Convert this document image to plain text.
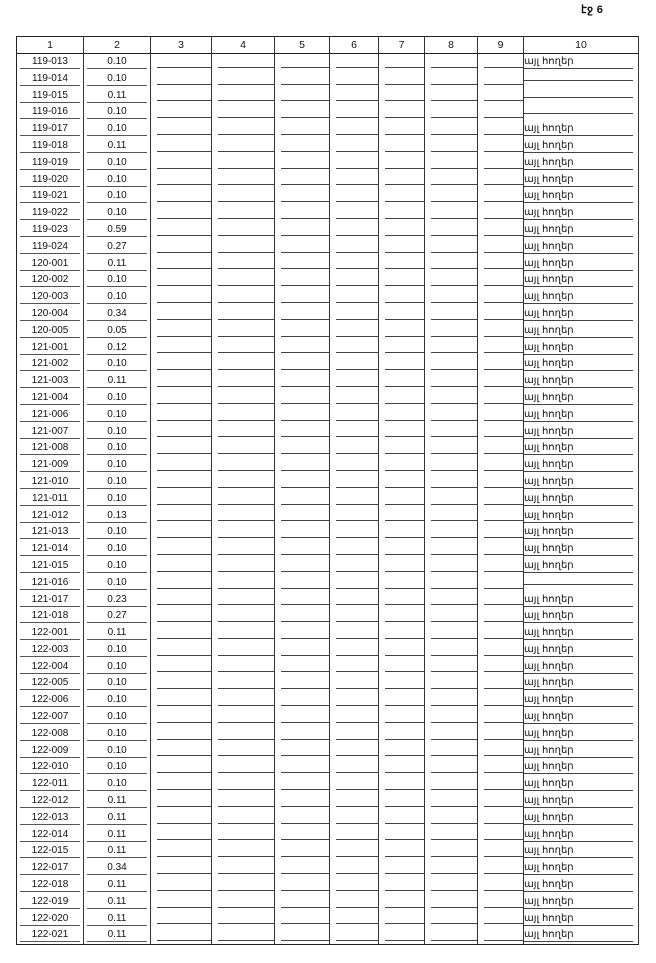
էջ 6
1	2	3	4	5	6	7	8	9	10
119-013	0.10								այլ հողեր
119-014	0.10								
119-015	0.11								
119-016	0.10								
119-017	0.10								այլ հողեր
119-018	0.11								այլ հողեր
119-019	0.10								այլ հողեր
119-020	0.10								այլ հողեր
119-021	0.10								այլ հողեր
119-022	0.10								այլ հողեր
119-023	0.59								այլ հողեր
119-024	0.27								այլ հողեր
120-001	0.11								այլ հողեր
120-002	0.10								այլ հողեր
120-003	0.10								այլ հողեր
120-004	0.34								այլ հողեր
120-005	0.05								այլ հողեր
121-001	0.12								այլ հողեր
121-002	0.10								այլ հողեր
121-003	0.11								այլ հողեր
121-004	0.10								այլ հողեր
121-006	0.10								այլ հողեր
121-007	0.10								այլ հողեր
121-008	0.10								այլ հողեր
121-009	0.10								այլ հողեր
121-010	0.10								այլ հողեր
121-011	0.10								այլ հողեր
121-012	0.13								այլ հողեր
121-013	0.10								այլ հողեր
121-014	0.10								այլ հողեր
121-015	0.10								այլ հողեր
121-016	0.10								
121-017	0.23								այլ հողեր
121-018	0.27								այլ հողեր
122-001	0.11								այլ հողեր
122-003	0.10								այլ հողեր
122-004	0.10								այլ հողեր
122-005	0.10								այլ հողեր
122-006	0.10								այլ հողեր
122-007	0.10								այլ հողեր
122-008	0.10								այլ հողեր
122-009	0.10								այլ հողեր
122-010	0.10								այլ հողեր
122-011	0.10								այլ հողեր
122-012	0.11								այլ հողեր
122-013	0.11								այլ հողեր
122-014	0.11								այլ հողեր
122-015	0.11								այլ հողեր
122-017	0.34								այլ հողեր
122-018	0.11								այլ հողեր
122-019	0.11								այլ հողեր
122-020	0.11								այլ հողեր
122-021	0.11								այլ հողեր
